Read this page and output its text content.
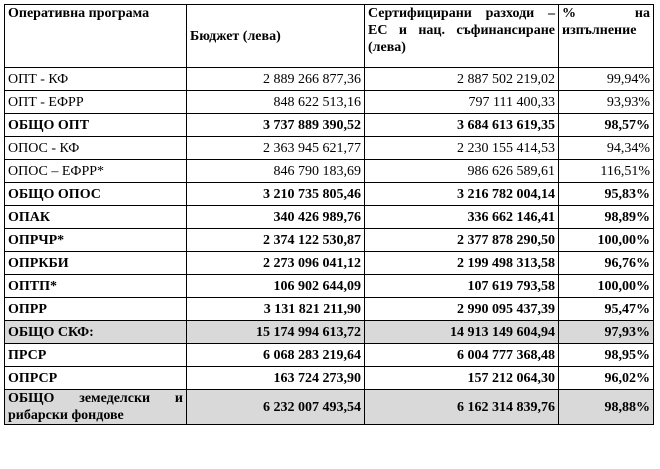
Оперативна програма	Бюджет (лева)	Сертифицирани разходи – ЕС и нац. съфинансиране (лева)	% на
изпълнение

ОПТ - КФ	2 889 266 877,36	2 887 502 219,02	99,94%
ОПТ - ЕФРР	848 622 513,16	797 111 400,33	93,93%
ОБЩО ОПТ	3 737 889 390,52	3 684 613 619,35	98,57%
ОПОС - КФ	2 363 945 621,77	2 230 155 414,53	94,34%
ОПОС – ЕФРР*	846 790 183,69	986 626 589,61	116,51%
ОБЩО ОПОС	3 210 735 805,46	3 216 782 004,14	95,83%
ОПАК	340 426 989,76	336 662 146,41	98,89%
ОПРЧР*	2 374 122 530,87	2 377 878 290,50	100,00%
ОПРКБИ	2 273 096 041,12	2 199 498 313,58	96,76%
ОПТП*	106 902 644,09	107 619 793,58	100,00%
ОПРР	3 131 821 211,90	2 990 095 437,39	95,47%
ОБЩО СКФ:	15 174 994 613,72	14 913 149 604,94	97,93%
ПРСР	6 068 283 219,64	6 004 777 368,48	98,95%
ОПРСР	163 724 273,90	157 212 064,30	96,02%
ОБЩО земеделски и рибарски фондове	6 232 007 493,54	6 162 314 839,76	98,88%
